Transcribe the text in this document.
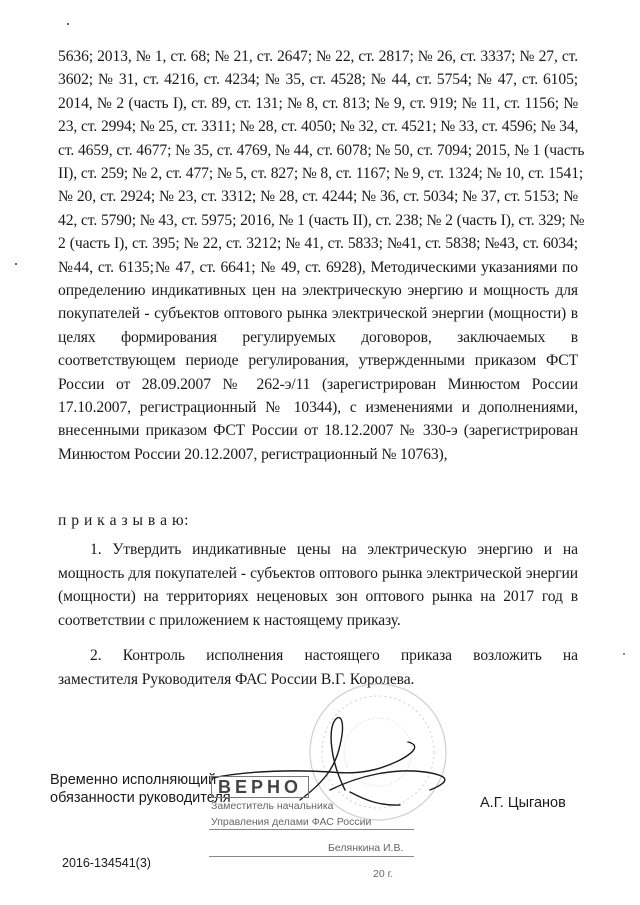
5636; 2013, № 1, ст. 68; № 21, ст. 2647; № 22, ст. 2817; № 26, ст. 3337; № 27, ст.
3602; № 31, ст. 4216, ст. 4234; № 35, ст. 4528; № 44, ст. 5754; № 47, ст. 6105;
2014, № 2 (часть I), ст. 89, ст. 131; № 8, ст. 813; № 9, ст. 919; № 11, ст. 1156; №
23, ст. 2994; № 25, ст. 3311; № 28, ст. 4050; № 32, ст. 4521; № 33, ст. 4596; № 34,
ст. 4659, ст. 4677; № 35, ст. 4769, № 44, ст. 6078; № 50, ст. 7094; 2015, № 1 (часть
II), ст. 259; № 2, ст. 477; № 5, ст. 827; № 8, ст. 1167; № 9, ст. 1324; № 10, ст. 1541;
№ 20, ст. 2924; № 23, ст. 3312; № 28, ст. 4244; № 36, ст. 5034; № 37, ст. 5153; №
42, ст. 5790; № 43, ст. 5975; 2016, № 1 (часть II), ст. 238; № 2 (часть I), ст. 329; №
2 (часть I), ст. 395; № 22, ст. 3212; № 41, ст. 5833; №41, ст. 5838; №43, ст. 6034;
№44, ст. 6135;№ 47, ст. 6641; № 49, ст. 6928), Методическими указаниями по
определению индикативных цен на электрическую энергию и мощность для
покупателей - субъектов оптового рынка электрической энергии (мощности) в
целях формирования регулируемых договоров, заключаемых в
соответствующем периоде регулирования, утвержденными приказом ФСТ
России от 28.09.2007 № 262-э/11 (зарегистрирован Минюстом России
17.10.2007, регистрационный № 10344), с изменениями и дополнениями,
внесенными приказом ФСТ России от 18.12.2007 № 330-э (зарегистрирован
Минюстом России 20.12.2007, регистрационный № 10763),
п р и к а з ы в а ю:
1. Утвердить индикативные цены на электрическую энергию и на
мощность для покупателей - субъектов оптового рынка электрической энергии
(мощности) на территориях неценовых зон оптового рынка на 2017 год в
соответствии с приложением к настоящему приказу.
2. Контроль исполнения настоящего приказа возложить на
заместителя Руководителя ФАС России В.Г. Королева.
Временно исполняющий
обязанности руководителя	А.Г. Цыганов
ВЕРНО
Заместитель начальника
Управления делами ФАС России
Белянкина И.В.
20 г.
2016-134541(3)
